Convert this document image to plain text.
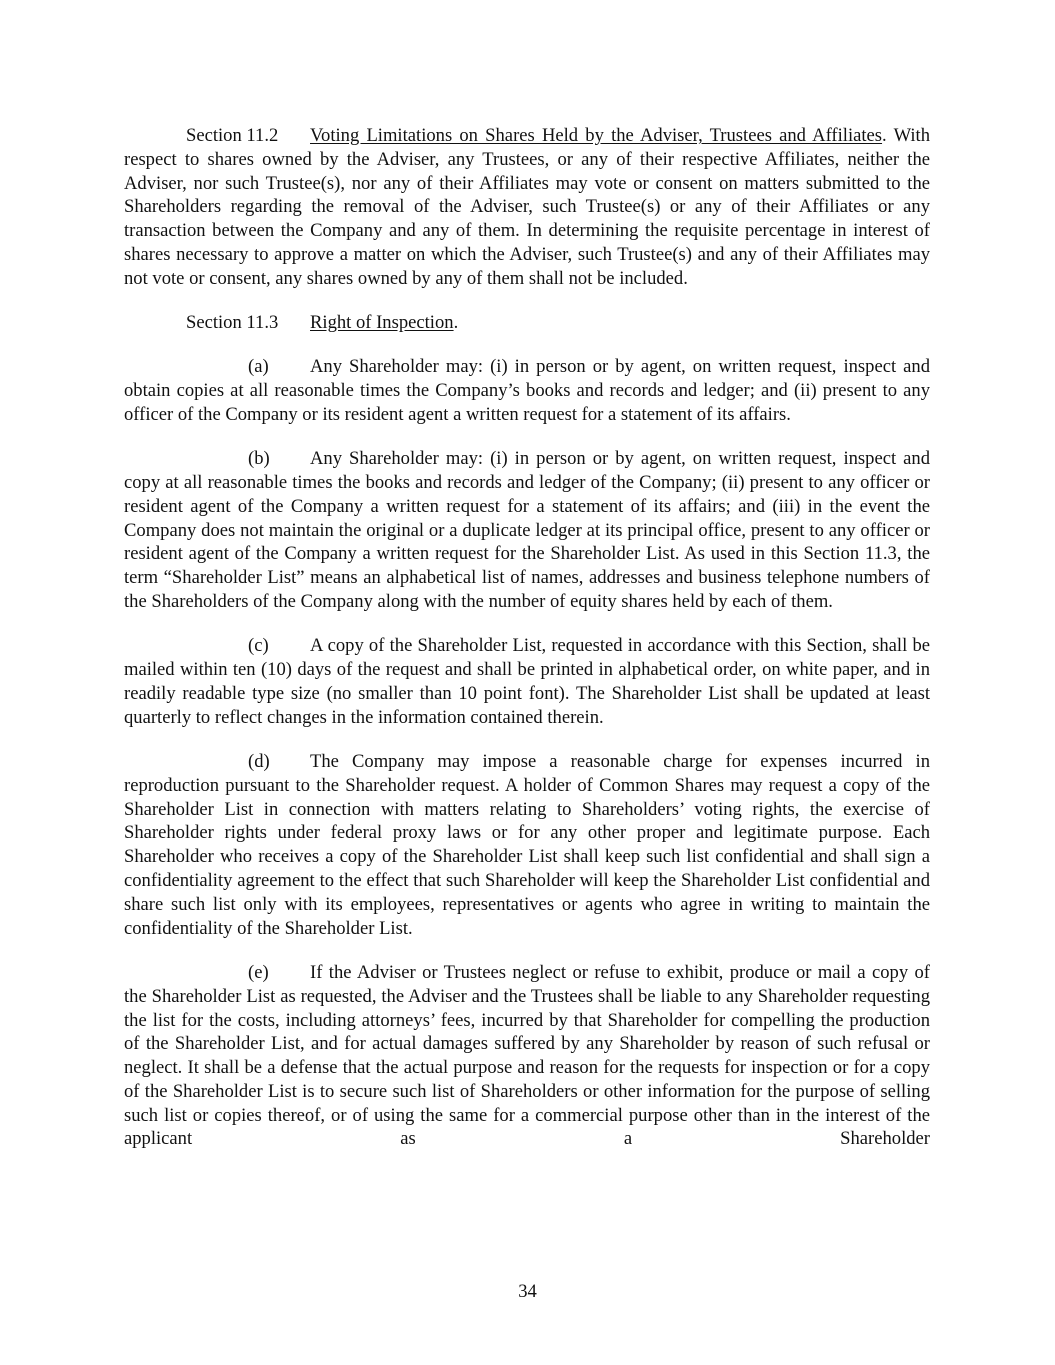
Section 11.2 Voting Limitations on Shares Held by the Adviser, Trustees and Affiliates. With respect to shares owned by the Adviser, any Trustees, or any of their respective Affiliates, neither the Adviser, nor such Trustee(s), nor any of their Affiliates may vote or consent on matters submitted to the Shareholders regarding the removal of the Adviser, such Trustee(s) or any of their Affiliates or any transaction between the Company and any of them. In determining the requisite percentage in interest of shares necessary to approve a matter on which the Adviser, such Trustee(s) and any of their Affiliates may not vote or consent, any shares owned by any of them shall not be included.

Section 11.3 Right of Inspection.

(a) Any Shareholder may: (i) in person or by agent, on written request, inspect and obtain copies at all reasonable times the Company’s books and records and ledger; and (ii) present to any officer of the Company or its resident agent a written request for a statement of its affairs.

(b) Any Shareholder may: (i) in person or by agent, on written request, inspect and copy at all reasonable times the books and records and ledger of the Company; (ii) present to any officer or resident agent of the Company a written request for a statement of its affairs; and (iii) in the event the Company does not maintain the original or a duplicate ledger at its principal office, present to any officer or resident agent of the Company a written request for the Shareholder List. As used in this Section 11.3, the term “Shareholder List” means an alphabetical list of names, addresses and business telephone numbers of the Shareholders of the Company along with the number of equity shares held by each of them.

(c) A copy of the Shareholder List, requested in accordance with this Section, shall be mailed within ten (10) days of the request and shall be printed in alphabetical order, on white paper, and in readily readable type size (no smaller than 10 point font). The Shareholder List shall be updated at least quarterly to reflect changes in the information contained therein.

(d) The Company may impose a reasonable charge for expenses incurred in reproduction pursuant to the Shareholder request. A holder of Common Shares may request a copy of the Shareholder List in connection with matters relating to Shareholders’ voting rights, the exercise of Shareholder rights under federal proxy laws or for any other proper and legitimate purpose. Each Shareholder who receives a copy of the Shareholder List shall keep such list confidential and shall sign a confidentiality agreement to the effect that such Shareholder will keep the Shareholder List confidential and share such list only with its employees, representatives or agents who agree in writing to maintain the confidentiality of the Shareholder List.

(e) If the Adviser or Trustees neglect or refuse to exhibit, produce or mail a copy of the Shareholder List as requested, the Adviser and the Trustees shall be liable to any Shareholder requesting the list for the costs, including attorneys’ fees, incurred by that Shareholder for compelling the production of the Shareholder List, and for actual damages suffered by any Shareholder by reason of such refusal or neglect. It shall be a defense that the actual purpose and reason for the requests for inspection or for a copy of the Shareholder List is to secure such list of Shareholders or other information for the purpose of selling such list or copies thereof, or of using the same for a commercial purpose other than in the interest of the applicant as a Shareholder

34
